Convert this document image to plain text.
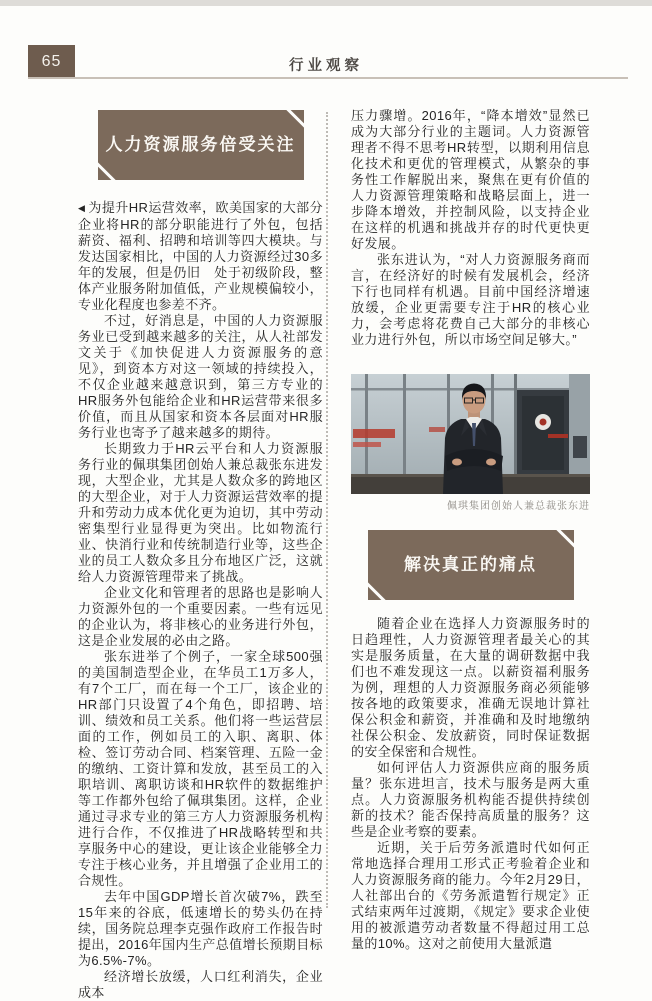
65	行业观察
人力资源服务倍受关注

◀ 为提升HR运营效率，欧美国家的大部分企业将HR的部分职能进行了外包，包括薪资、福利、招聘和培训等四大模块。与发达国家相比，中国的人力资源经过30多年的发展，但是仍旧　处于初级阶段，整体产业服务附加值低，产业规模偏较小，专业化程度也参差不齐。

不过，好消息是，中国的人力资源服务业已受到越来越多的关注，从人社部发文关于《加快促进人力资源服务的意见》，到资本方对这一领域的持续投入，不仅企业越来越意识到，第三方专业的HR服务外包能给企业和HR运营带来很多价值，而且从国家和资本各层面对HR服务行业也寄予了越来越多的期待。

长期致力于HR云平台和人力资源服务行业的佩琪集团创始人兼总裁张东进发现，大型企业，尤其是人数众多的跨地区的大型企业，对于人力资源运营效率的提升和劳动力成本优化更为迫切，其中劳动密集型行业显得更为突出。比如物流行业、快消行业和传统制造行业等，这些企业的员工人数众多且分布地区广泛，这就给人力资源管理带来了挑战。

企业文化和管理者的思路也是影响人力资源外包的一个重要因素。一些有远见的企业认为，将非核心的业务进行外包，这是企业发展的必由之路。

张东进举了个例子，一家全球500强的美国制造型企业，在华员工1万多人，有7个工厂，而在每一个工厂，该企业的HR部门只设置了4个角色，即招聘、培训、绩效和员工关系。他们将一些运营层面的工作，例如员工的入职、离职、体检、签订劳动合同、档案管理、五险一金的缴纳、工资计算和发放，甚至员工的入职培训、离职访谈和HR软件的数据维护等工作都外包给了佩琪集团。这样，企业通过寻求专业的第三方人力资源服务机构进行合作，不仅推进了HR战略转型和共享服务中心的建设，更让该企业能够全力专注于核心业务，并且增强了企业用工的合规性。

去年中国GDP增长首次破7%，跌至15年来的谷底，低速增长的势头仍在持续，国务院总理李克强作政府工作报告时提出，2016年国内生产总值增长预期目标为6.5%-7%。

经济增长放缓，人口红利消失，企业成本

压力骤增。2016年，“降本增效”显然已成为大部分行业的主题词。人力资源管理者不得不思考HR转型，以期利用信息化技术和更优的管理模式，从繁杂的事务性工作解脱出来，聚焦在更有价值的人力资源管理策略和战略层面上，进一步降本增效，并控制风险，以支持企业在这样的机遇和挑战并存的时代更快更好发展。

张东进认为，“对人力资源服务商而言，在经济好的时候有发展机会，经济下行也同样有机遇。目前中国经济增速放缓，企业更需要专注于HR的核心业力，会考虑将花费自己大部分的非核心业力进行外包，所以市场空间足够大。”

佩琪集团创始人兼总裁张东进
解决真正的痛点

随着企业在选择人力资源服务时的日趋理性，人力资源管理者最关心的其实是服务质量，在大量的调研数据中我们也不难发现这一点。以薪资福利服务为例，理想的人力资源服务商必须能够按各地的政策要求，准确无误地计算社保公积金和薪资，并准确和及时地缴纳社保公积金、发放薪资，同时保证数据的安全保密和合规性。

如何评估人力资源供应商的服务质量？张东进坦言，技术与服务是两大重点。人力资源服务机构能否提供持续创新的技术？能否保持高质量的服务？这些是企业考察的要素。

近期，关于后劳务派遣时代如何正常地选择合理用工形式正考验着企业和人力资源服务商的能力。今年2月29日，人社部出台的《劳务派遣暂行规定》正式结束两年过渡期，《规定》要求企业使用的被派遣劳动者数量不得超过用工总量的10%。这对之前使用大量派遣
